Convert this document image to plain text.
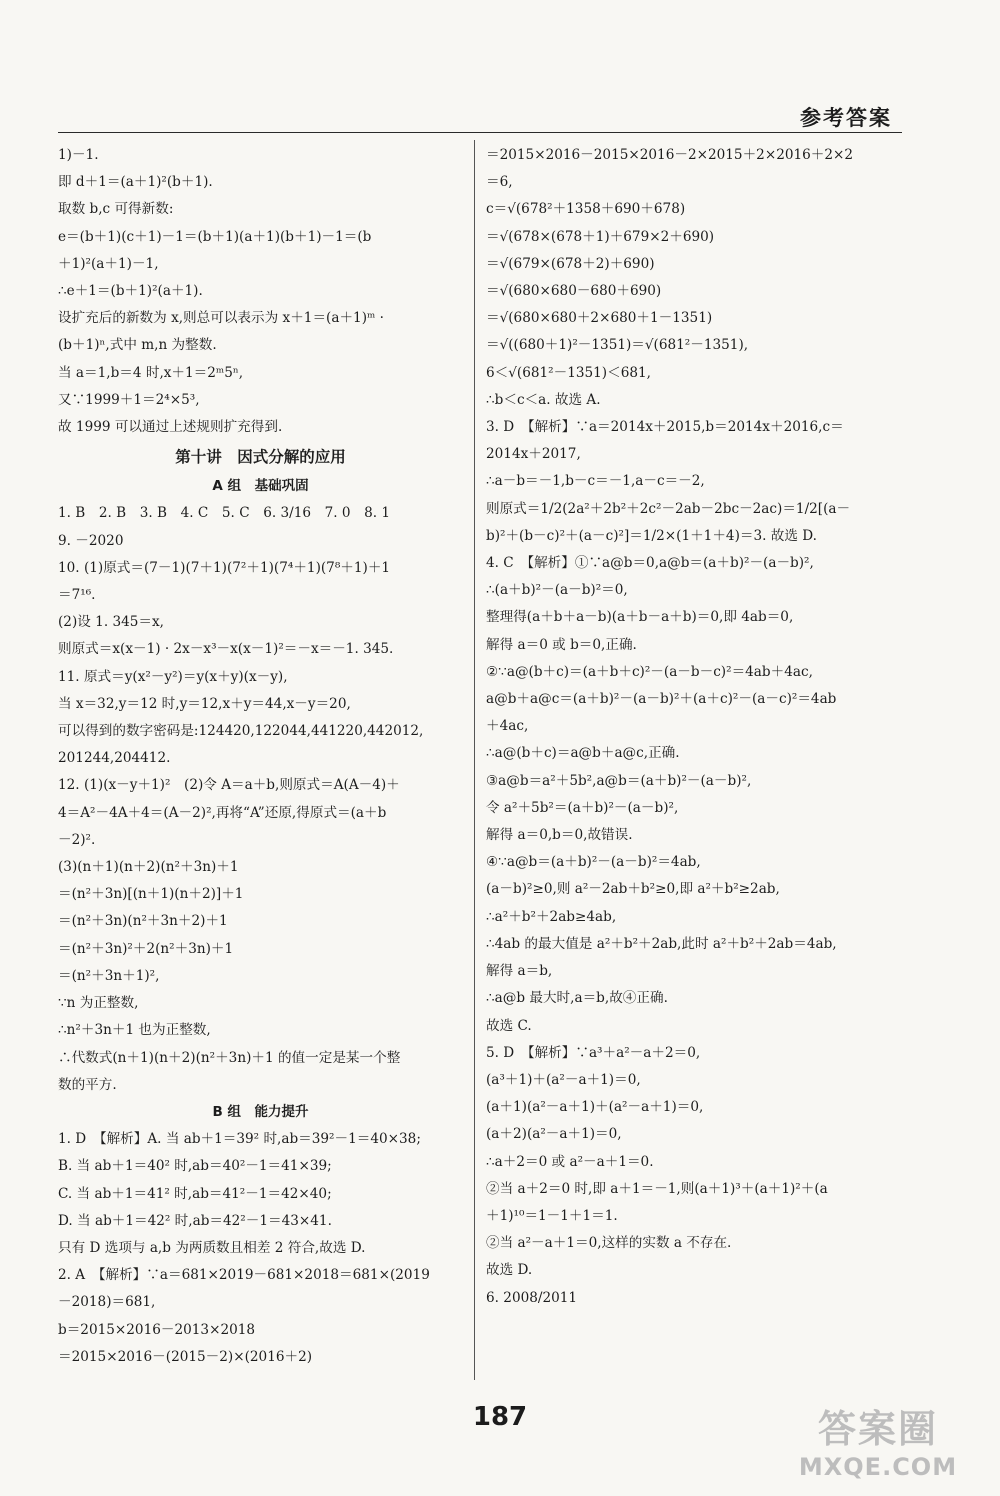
参考答案
1)－1.
即 d＋1＝(a＋1)²(b＋1).
取数 b,c 可得新数:
e＝(b＋1)(c＋1)－1＝(b＋1)(a＋1)(b＋1)－1＝(b
＋1)²(a＋1)－1,
∴e＋1＝(b＋1)²(a＋1).
设扩充后的新数为 x,则总可以表示为 x＋1＝(a＋1)ᵐ ·
(b＋1)ⁿ,式中 m,n 为整数.
当 a＝1,b＝4 时,x＋1＝2ᵐ5ⁿ,
又∵1999＋1＝2⁴×5³,
故 1999 可以通过上述规则扩充得到.
第十讲　因式分解的应用
A 组　基础巩固
1. B　2. B　3. B　4. C　5. C　6. 3/16　7. 0　8. 1
9. －2020
10. (1)原式＝(7－1)(7＋1)(7²＋1)(7⁴＋1)(7⁸＋1)＋1
＝7¹⁶.
(2)设 1. 345＝x,
则原式＝x(x－1) · 2x－x³－x(x－1)²＝－x＝－1. 345.
11. 原式＝y(x²－y²)＝y(x＋y)(x－y),
当 x＝32,y＝12 时,y＝12,x＋y＝44,x－y＝20,
可以得到的数字密码是:124420,122044,441220,442012,
201244,204412.
12. (1)(x－y＋1)²　(2)令 A＝a＋b,则原式＝A(A－4)＋
4＝A²－4A＋4＝(A－2)²,再将“A”还原,得原式＝(a＋b
－2)².
(3)(n＋1)(n＋2)(n²＋3n)＋1
＝(n²＋3n)[(n＋1)(n＋2)]＋1
＝(n²＋3n)(n²＋3n＋2)＋1
＝(n²＋3n)²＋2(n²＋3n)＋1
＝(n²＋3n＋1)²,
∵n 为正整数,
∴n²＋3n＋1 也为正整数,
∴代数式(n＋1)(n＋2)(n²＋3n)＋1 的值一定是某一个整
数的平方.
B 组　能力提升
1. D　【解析】A. 当 ab＋1＝39² 时,ab＝39²－1＝40×38;
B. 当 ab＋1＝40² 时,ab＝40²－1＝41×39;
C. 当 ab＋1＝41² 时,ab＝41²－1＝42×40;
D. 当 ab＋1＝42² 时,ab＝42²－1＝43×41.
只有 D 选项与 a,b 为两质数且相差 2 符合,故选 D.
2. A　【解析】∵a＝681×2019－681×2018＝681×(2019
－2018)＝681,
b＝2015×2016－2013×2018
＝2015×2016－(2015－2)×(2016＋2)
＝2015×2016－2015×2016－2×2015＋2×2016＋2×2
＝6,
c＝√(678²＋1358＋690＋678)
＝√(678×(678＋1)＋679×2＋690)
＝√(679×(678＋2)＋690)
＝√(680×680－680＋690)
＝√(680×680＋2×680＋1－1351)
＝√((680＋1)²－1351)＝√(681²－1351),
6＜√(681²－1351)＜681,
∴b＜c＜a. 故选 A.
3. D　【解析】∵a＝2014x＋2015,b＝2014x＋2016,c＝
2014x＋2017,
∴a－b＝－1,b－c＝－1,a－c＝－2,
则原式＝1/2(2a²＋2b²＋2c²－2ab－2bc－2ac)＝1/2[(a－
b)²＋(b－c)²＋(a－c)²]＝1/2×(1＋1＋4)＝3. 故选 D.
4. C　【解析】①∵a@b＝0,a@b＝(a＋b)²－(a－b)²,
∴(a＋b)²－(a－b)²＝0,
整理得(a＋b＋a－b)(a＋b－a＋b)＝0,即 4ab＝0,
解得 a＝0 或 b＝0,正确.
②∵a@(b＋c)＝(a＋b＋c)²－(a－b－c)²＝4ab＋4ac,
a@b＋a@c＝(a＋b)²－(a－b)²＋(a＋c)²－(a－c)²＝4ab
＋4ac,
∴a@(b＋c)＝a@b＋a@c,正确.
③a@b＝a²＋5b²,a@b＝(a＋b)²－(a－b)²,
令 a²＋5b²＝(a＋b)²－(a－b)²,
解得 a＝0,b＝0,故错误.
④∵a@b＝(a＋b)²－(a－b)²＝4ab,
(a－b)²≥0,则 a²－2ab＋b²≥0,即 a²＋b²≥2ab,
∴a²＋b²＋2ab≥4ab,
∴4ab 的最大值是 a²＋b²＋2ab,此时 a²＋b²＋2ab＝4ab,
解得 a＝b,
∴a@b 最大时,a＝b,故④正确.
故选 C.
5. D　【解析】∵a³＋a²－a＋2＝0,
(a³＋1)＋(a²－a＋1)＝0,
(a＋1)(a²－a＋1)＋(a²－a＋1)＝0,
(a＋2)(a²－a＋1)＝0,
∴a＋2＝0 或 a²－a＋1＝0.
②当 a＋2＝0 时,即 a＋1＝－1,则(a＋1)³＋(a＋1)²＋(a
＋1)¹⁰＝1－1＋1＝1.
②当 a²－a＋1＝0,这样的实数 a 不存在.
故选 D.
6. 2008/2011
187	答案圈
MXQE.COM
